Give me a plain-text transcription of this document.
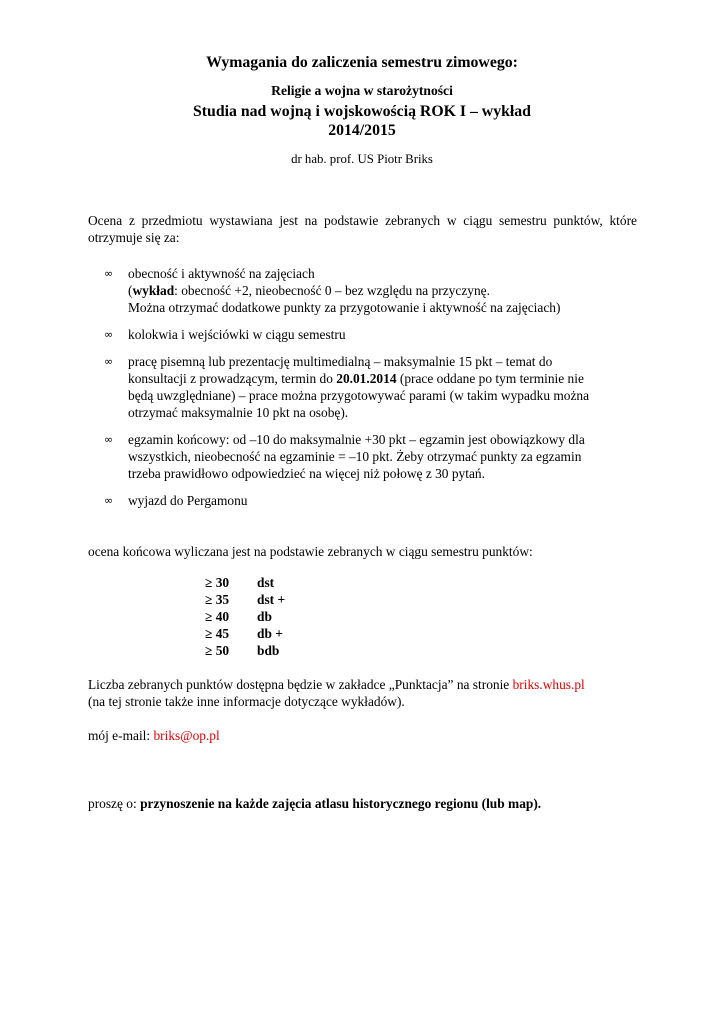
Wymagania do zaliczenia semestru zimowego:
Religie a wojna w starożytności
Studia nad wojną i wojskowością ROK I – wykład
2014/2015
dr hab. prof. US Piotr Briks
Ocena z przedmiotu wystawiana jest na podstawie zebranych w ciągu semestru punktów, które otrzymuje się za:
∞	obecność i aktywność na zajęciach
(wykład: obecność +2, nieobecność 0 – bez względu na przyczynę.
Można otrzymać dodatkowe punkty za przygotowanie i aktywność na zajęciach)
∞	kolokwia i wejściówki w ciągu semestru
∞	pracę pisemną lub prezentację multimedialną – maksymalnie 15 pkt – temat do
konsultacji z prowadzącym, termin do 20.01.2014 (prace oddane po tym terminie nie
będą uwzględniane) – prace można przygotowywać parami (w takim wypadku można
otrzymać maksymalnie 10 pkt na osobę).
∞	egzamin końcowy: od –10 do maksymalnie +30 pkt – egzamin jest obowiązkowy dla
wszystkich, nieobecność na egzaminie = –10 pkt. Żeby otrzymać punkty za egzamin
trzeba prawidłowo odpowiedzieć na więcej niż połowę z 30 pytań.
∞	wyjazd do Pergamonu
ocena końcowa wyliczana jest na podstawie zebranych w ciągu semestru punktów:
≥ 30	dst
≥ 35	dst +
≥ 40	db
≥ 45	db +
≥ 50	bdb
Liczba zebranych punktów dostępna będzie w zakładce „Punktacja” na stronie briks.whus.pl
(na tej stronie także inne informacje dotyczące wykładów).
mój e-mail: briks@op.pl
proszę o: przynoszenie na każde zajęcia atlasu historycznego regionu (lub map).
